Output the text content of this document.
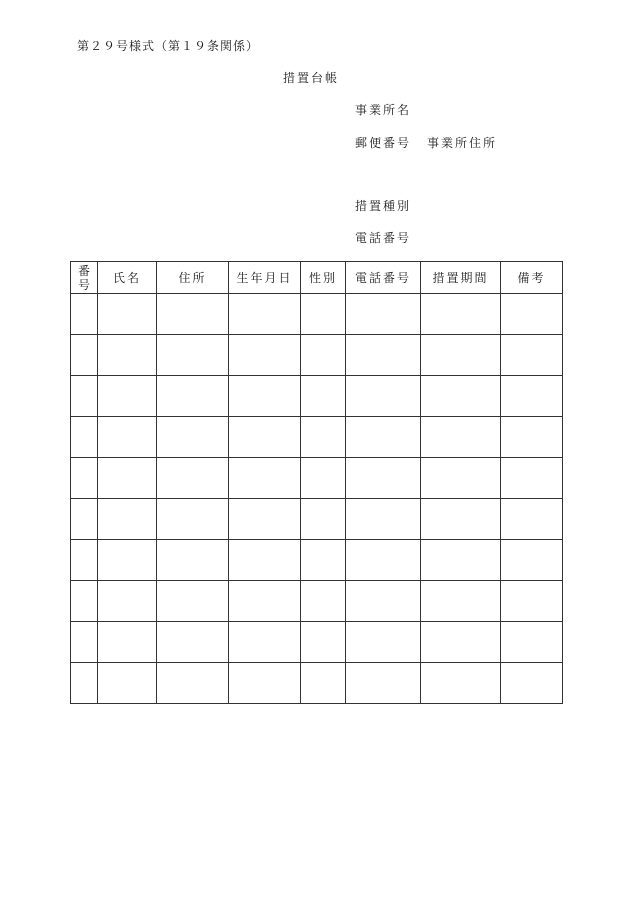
第２９号様式（第１９条関係）
措置台帳
事業所名
郵便番号 事業所住所
措置種別
電話番号
番
号	氏名	住所	生年月日	性別	電話番号	措置期間	備考
